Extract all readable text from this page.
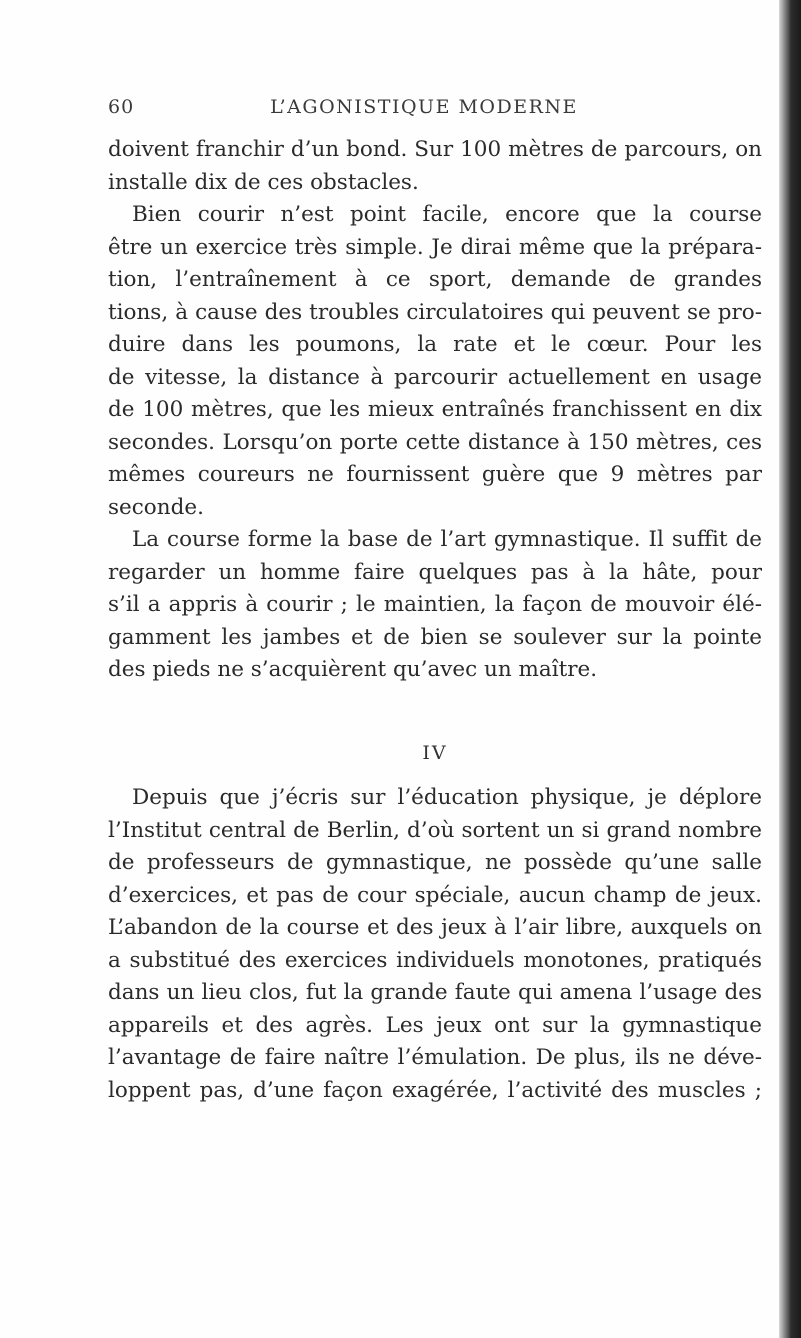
60	L’AGONISTIQUE MODERNE
doivent franchir d’un bond. Sur 100 mètres de parcours, on
installe dix de ces obstacles.
Bien courir n’est point facile, encore que la course
être un exercice très simple. Je dirai même que la prépara-
tion, l’entraînement à ce sport, demande de grandes
tions, à cause des troubles circulatoires qui peuvent se pro-
duire dans les poumons, la rate et le cœur. Pour les
de vitesse, la distance à parcourir actuellement en usage
de 100 mètres, que les mieux entraînés franchissent en dix
secondes. Lorsqu’on porte cette distance à 150 mètres, ces
mêmes coureurs ne fournissent guère que 9 mètres par
seconde.
La course forme la base de l’art gymnastique. Il suffit de
regarder un homme faire quelques pas à la hâte, pour
s’il a appris à courir ; le maintien, la façon de mouvoir élé-
gamment les jambes et de bien se soulever sur la pointe
des pieds ne s’acquièrent qu’avec un maître.
IV
Depuis que j’écris sur l’éducation physique, je déplore
l’Institut central de Berlin, d’où sortent un si grand nombre
de professeurs de gymnastique, ne possède qu’une salle
d’exercices, et pas de cour spéciale, aucun champ de jeux.
L’abandon de la course et des jeux à l’air libre, auxquels on
a substitué des exercices individuels monotones, pratiqués
dans un lieu clos, fut la grande faute qui amena l’usage des
appareils et des agrès. Les jeux ont sur la gymnastique
l’avantage de faire naître l’émulation. De plus, ils ne déve-
loppent pas, d’une façon exagérée, l’activité des muscles ;
